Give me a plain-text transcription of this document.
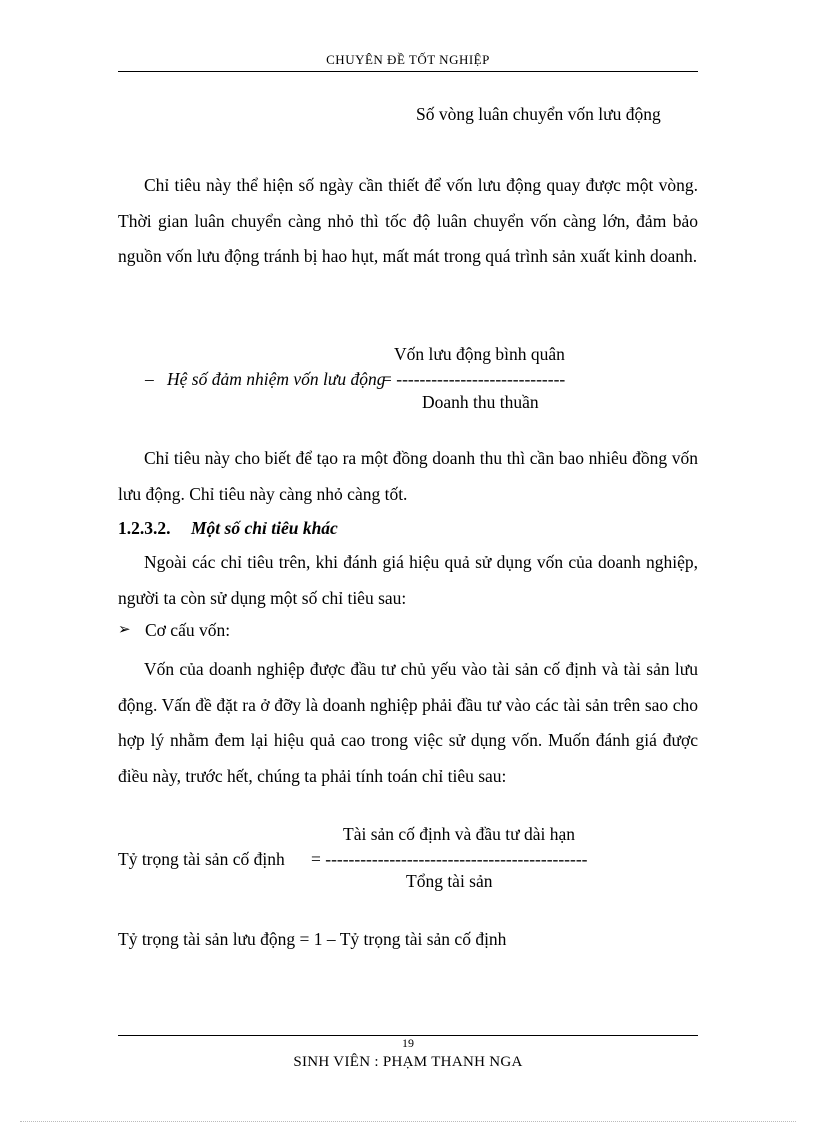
CHUYÊN ĐỀ TỐT NGHIỆP
Số vòng luân chuyển vốn lưu động
Chỉ tiêu này thể hiện số ngày cần thiết để vốn lưu động quay được một vòng. Thời gian luân chuyển càng nhỏ thì tốc độ luân chuyển vốn càng lớn, đảm bảo nguồn vốn lưu động tránh bị hao hụt, mất mát trong quá trình sản xuất kinh doanh.
Vốn lưu động bình quân
– Hệ số đảm nhiệm vốn lưu động
= -----------------------------
Doanh thu thuần
Chỉ tiêu này cho biết để tạo ra một đồng doanh thu thì cần bao nhiêu đồng vốn lưu động. Chỉ tiêu này càng nhỏ càng tốt.
1.2.3.2. Một số chỉ tiêu khác
Ngoài các chỉ tiêu trên, khi đánh giá hiệu quả sử dụng vốn của doanh nghiệp, người ta còn sử dụng một số chỉ tiêu sau:
➢ Cơ cấu vốn:
Vốn của doanh nghiệp được đầu tư chủ yếu vào tài sản cố định và tài sản lưu động. Vấn đề đặt ra ở đỡy là doanh nghiệp phải đầu tư vào các tài sản trên sao cho hợp lý nhằm đem lại hiệu quả cao trong việc sử dụng vốn. Muốn đánh giá được điều này, trước hết, chúng ta phải tính toán chỉ tiêu sau:
Tài sản cố định và đầu tư dài hạn
Tỷ trọng tài sản cố định = ---------------------------------------------
Tổng tài sản
Tỷ trọng tài sản lưu động = 1 – Tỷ trọng tài sản cố định
19
SINH VIÊN : PHẠM THANH NGA
